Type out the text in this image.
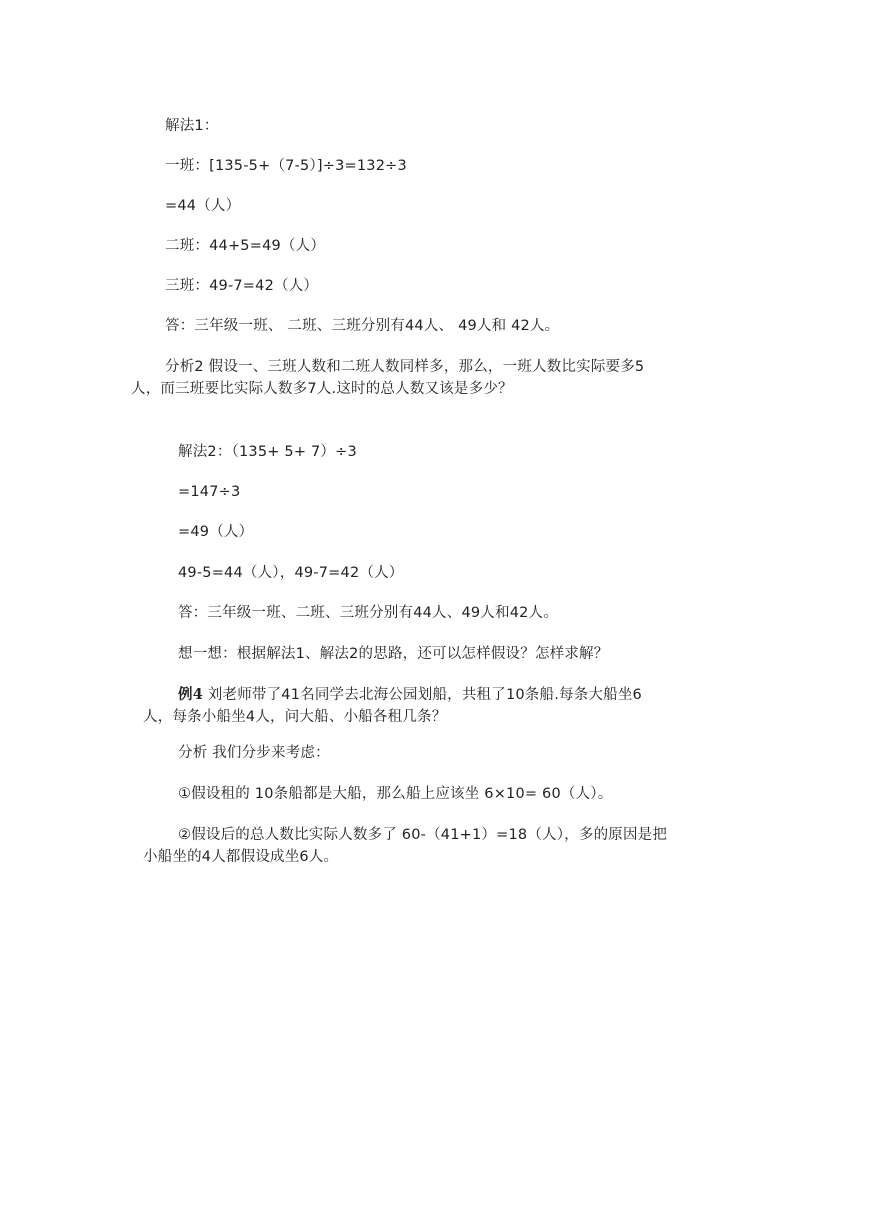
解法1：
一班：[135-5+（7-5）]÷3=132÷3
=44（人）
二班：44+5=49（人）
三班：49-7=42（人）
答：三年级一班、 二班、三班分别有44人、 49人和 42人。
分析2 假设一、三班人数和二班人数同样多，那么，一班人数比实际要多5
人，而三班要比实际人数多7人.这时的总人数又该是多少？
解法2：（135+ 5+ 7）÷3
=147÷3
=49（人）
49-5=44（人），49-7=42（人）
答：三年级一班、二班、三班分别有44人、49人和42人。
想一想：根据解法1、解法2的思路，还可以怎样假设？怎样求解？
例4 刘老师带了41名同学去北海公园划船，共租了10条船.每条大船坐6
人，每条小船坐4人，问大船、小船各租几条？
分析 我们分步来考虑：
①假设租的 10条船都是大船，那么船上应该坐 6×10= 60（人）。
②假设后的总人数比实际人数多了 60-（41+1）=18（人），多的原因是把
小船坐的4人都假设成坐6人。
